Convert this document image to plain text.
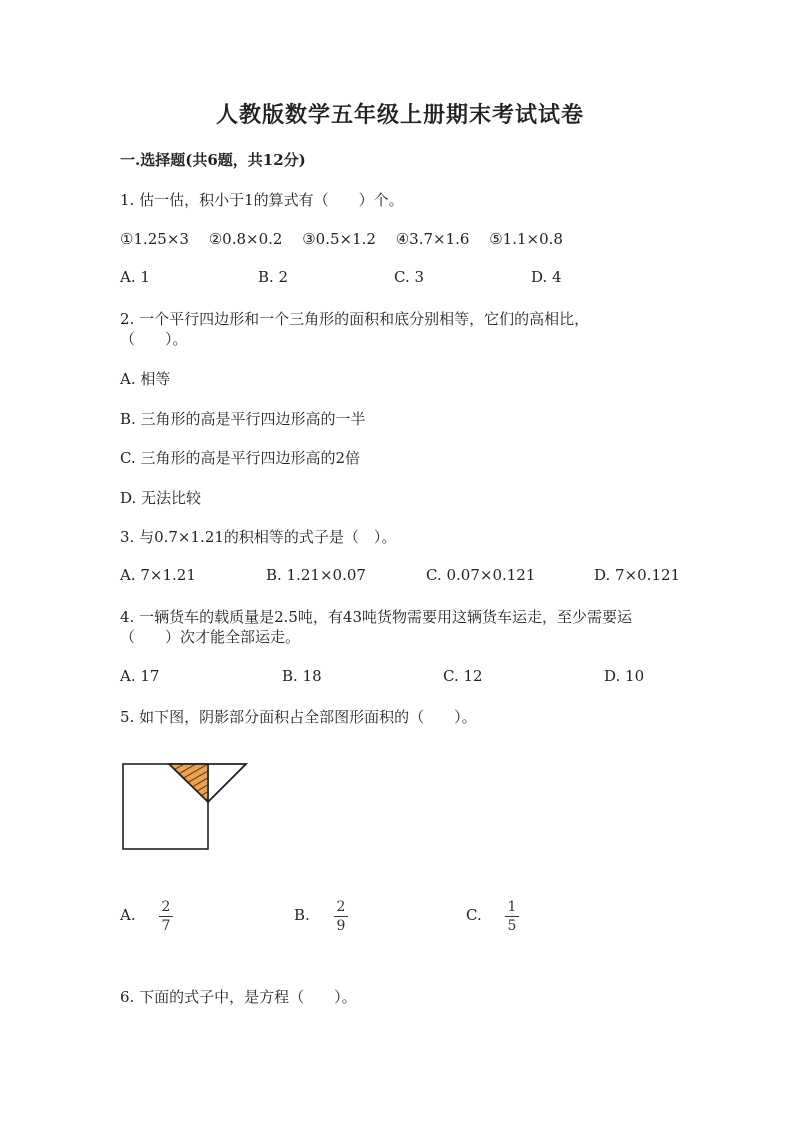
人教版数学五年级上册期末考试试卷
一.选择题(共6题，共12分)
1. 估一估，积小于1的算式有（　　）个。
①1.25×3　 ②0.8×0.2　 ③0.5×1.2　 ④3.7×1.6　 ⑤1.1×0.8
A. 1	B. 2	C. 3	D. 4
2. 一个平行四边形和一个三角形的面积和底分别相等，它们的高相比，
（　　）。
A. 相等
B. 三角形的高是平行四边形高的一半
C. 三角形的高是平行四边形高的2倍
D. 无法比较
3. 与0.7×1.21的积相等的式子是（　）。
A. 7×1.21	B. 1.21×0.07	C. 0.07×0.121	D. 7×0.121
4. 一辆货车的载质量是2.5吨，有43吨货物需要用这辆货车运走，至少需要运
（　　）次才能全部运走。
A. 17	B. 18	C. 12	D. 10
5. 如下图，阴影部分面积占全部图形面积的（　　）。
A.	2
7
B.	2
9
C.	1
5
6. 下面的式子中，是方程（　　）。
